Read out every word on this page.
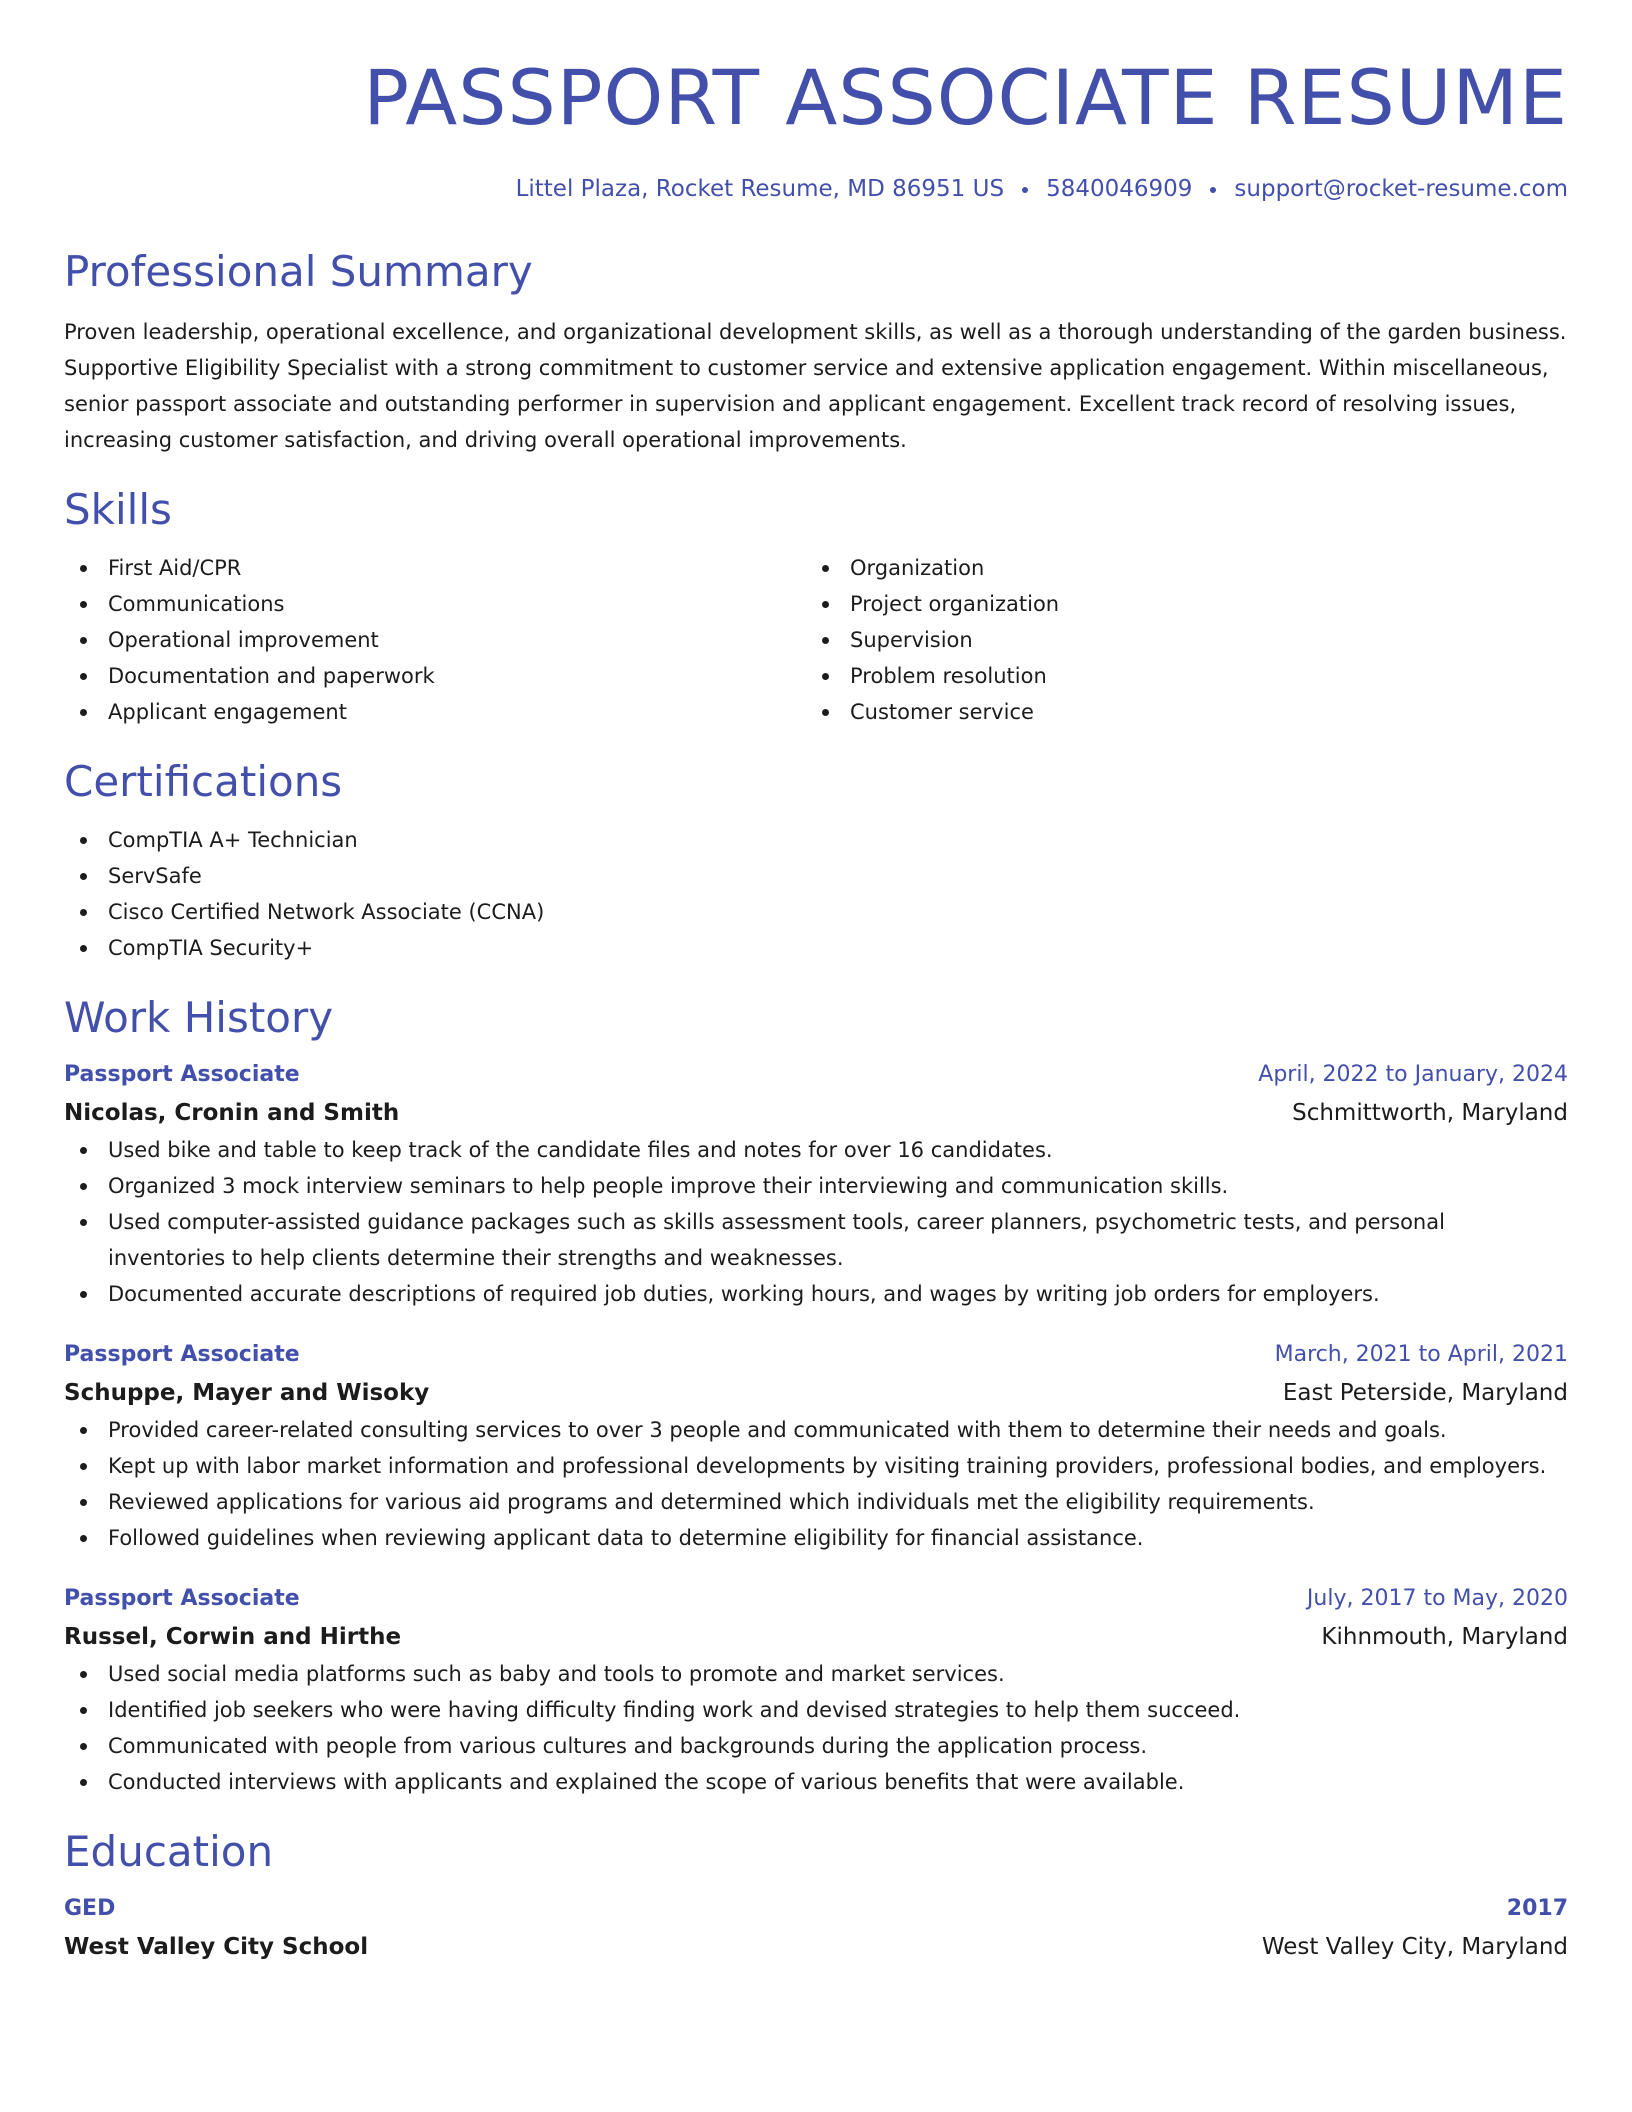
PASSPORT ASSOCIATE RESUME
Littel Plaza, Rocket Resume, MD 86951 US 5840046909 support@rocket-resume.com
Professional Summary

Proven leadership, operational excellence, and organizational development skills, as well as a thorough understanding of the garden business. Supportive Eligibility Specialist with a strong commitment to customer service and extensive application engagement. Within miscellaneous, senior passport associate and outstanding performer in supervision and applicant engagement. Excellent track record of resolving issues, increasing customer satisfaction, and driving overall operational improvements.

Skills
First Aid/CPR
Communications
Operational improvement
Documentation and paperwork
Applicant engagement
Organization
Project organization
Supervision
Problem resolution
Customer service
Certifications
CompTIA A+ Technician
ServSafe
Cisco Certified Network Associate (CCNA)
CompTIA Security+
Work History
Passport Associate	April, 2022 to January, 2024
Nicolas, Cronin and Smith	Schmittworth, Maryland
Used bike and table to keep track of the candidate files and notes for over 16 candidates.
Organized 3 mock interview seminars to help people improve their interviewing and communication skills.
Used computer-assisted guidance packages such as skills assessment tools, career planners, psychometric tests, and personal inventories to help clients determine their strengths and weaknesses.
Documented accurate descriptions of required job duties, working hours, and wages by writing job orders for employers.
Passport Associate	March, 2021 to April, 2021
Schuppe, Mayer and Wisoky	East Peterside, Maryland
Provided career-related consulting services to over 3 people and communicated with them to determine their needs and goals.
Kept up with labor market information and professional developments by visiting training providers, professional bodies, and employers.
Reviewed applications for various aid programs and determined which individuals met the eligibility requirements.
Followed guidelines when reviewing applicant data to determine eligibility for financial assistance.
Passport Associate	July, 2017 to May, 2020
Russel, Corwin and Hirthe	Kihnmouth, Maryland
Used social media platforms such as baby and tools to promote and market services.
Identified job seekers who were having difficulty finding work and devised strategies to help them succeed.
Communicated with people from various cultures and backgrounds during the application process.
Conducted interviews with applicants and explained the scope of various benefits that were available.
Education
GED	2017
West Valley City School	West Valley City, Maryland
